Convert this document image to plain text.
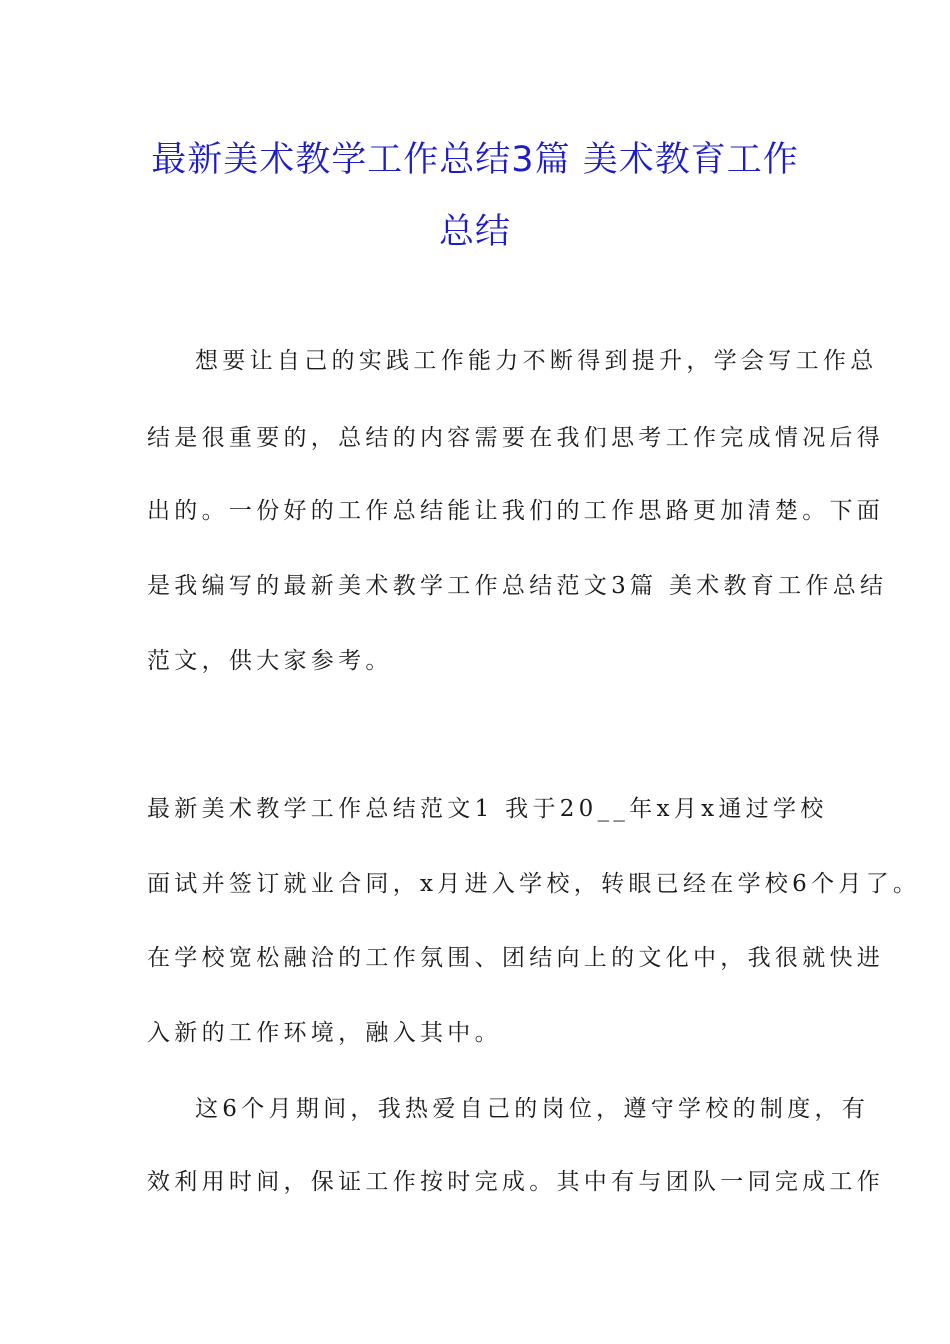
最新美术教学工作总结3篇 美术教育工作
总结
想要让自己的实践工作能力不断得到提升，学会写工作总
结是很重要的，总结的内容需要在我们思考工作完成情况后得
出的。一份好的工作总结能让我们的工作思路更加清楚。下面
是我编写的最新美术教学工作总结范文3篇 美术教育工作总结
范文，供大家参考。
最新美术教学工作总结范文1 我于20__年x月x通过学校
面试并签订就业合同，x月进入学校，转眼已经在学校6个月了。
在学校宽松融洽的工作氛围、团结向上的文化中，我很就快进
入新的工作环境，融入其中。
这6个月期间，我热爱自己的岗位，遵守学校的制度，有
效利用时间，保证工作按时完成。其中有与团队一同完成工作
